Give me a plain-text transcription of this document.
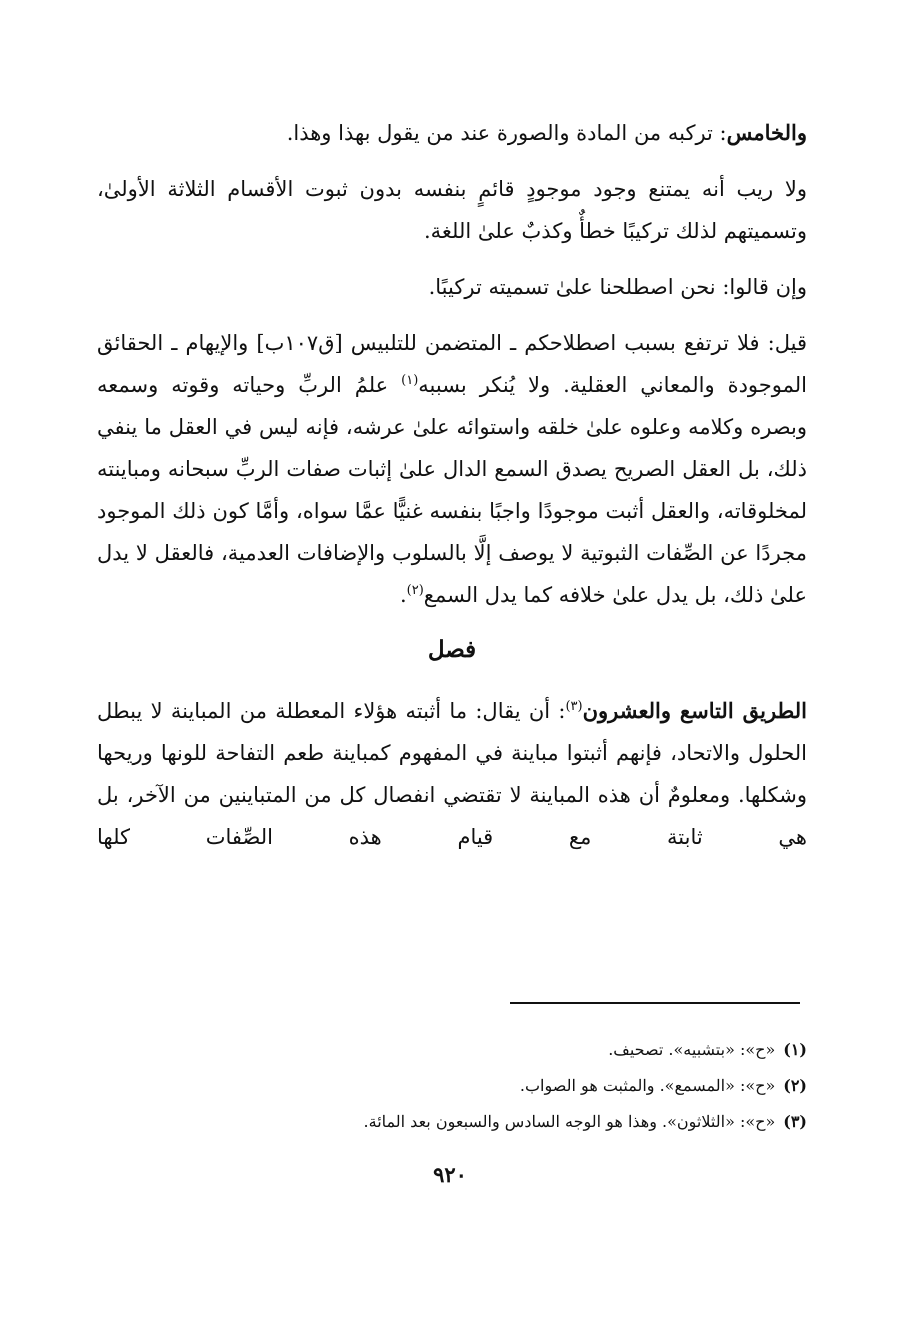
والخامس: تركبه من المادة والصورة عند من يقول بهذا وهذا.

ولا ريب أنه يمتنع وجود موجودٍ قائمٍ بنفسه بدون ثبوت الأقسام الثلاثة الأولىٰ، وتسميتهم لذلك تركيبًا خطأٌ وكذبٌ علىٰ اللغة.

وإن قالوا: نحن اصطلحنا علىٰ تسميته تركيبًا.

قيل: فلا ترتفع بسبب اصطلاحكم ـ المتضمن للتلبيس [ق١٠٧ب] والإيهام ـ الحقائق الموجودة والمعاني العقلية. ولا يُنكر بسببه$^{(١)}$ علمُ الربِّ وحياته وقوته وسمعه وبصره وكلامه وعلوه علىٰ خلقه واستوائه علىٰ عرشه، فإنه ليس في العقل ما ينفي ذلك، بل العقل الصريح يصدق السمع الدال علىٰ إثبات صفات الربِّ سبحانه ومباينته لمخلوقاته، والعقل أثبت موجودًا واجبًا بنفسه غنيًّا عمَّا سواه، وأمَّا كون ذلك الموجود مجردًا عن الصِّفات الثبوتية لا يوصف إلَّا بالسلوب والإضافات العدمية، فالعقل لا يدل علىٰ ذلك، بل يدل علىٰ خلافه كما يدل السمع$^{(٢)}$.

فصل

الطريق التاسع والعشرون$^{(٣)}$: أن يقال: ما أثبته هؤلاء المعطلة من المباينة لا يبطل الحلول والاتحاد، فإنهم أثبتوا مباينة في المفهوم كمباينة طعم التفاحة للونها وريحها وشكلها. ومعلومٌ أن هذه المباينة لا تقتضي انفصال كل من المتباينين من الآخر، بل هي ثابتة مع قيام هذه الصِّفات كلها

(١)
«ح»: «بتشبيه». تصحيف.
(٢)
«ح»: «المسمع». والمثبت هو الصواب.
(٣)
«ح»: «الثلاثون». وهذا هو الوجه السادس والسبعون بعد المائة.
٩٢٠
